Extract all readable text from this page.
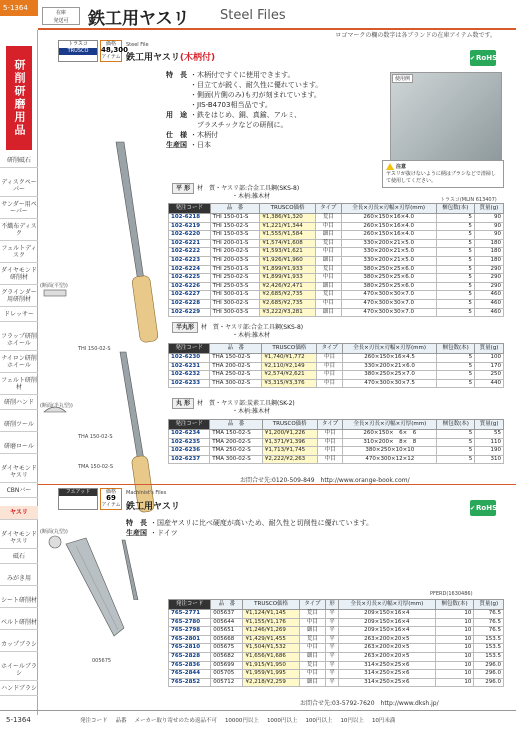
5-1364
在庫
発送可	鉄工用ヤスリ Steel Files
ロゴマークの欄の数字は各ブランドの在庫アイテム数です。
研削研磨用品
研削砥石
ディスクペーパー
サンダー用ペーパー
不織布ディスク
フェルトディスク
ダイヤモンド研削材
グラインダー用研削材
ドレッサー
フラップ研削ホイール
ナイロン研削ホイール
フェルト研削材
研削ハンド
研削ツール
研磨ロール
ダイヤモンドヤスリ
CBNバー
ヤスリ
ダイヤモンドヤスリ
砥石
みがき用
シート研削材
ベルト研削材
カップブラシ
ホイールブラシ
ハンドブラシ
トラスコ
TRUSCO
価格
48,300
アイテム
Steel File
鉄工用ヤスリ(木柄付)	✔ RoHS
特　長 ・木柄付ですぐに使用できます。
・目立てが鋭く、耐久性に優れています。
・側面(片側のみ)も刃が刻まれています。
・JIS-B4703相当品です。
用　途 ・鉄をはじめ、銅、真鍮、アルミ、
　プラスチックなどの研削に。
仕　様 ・木柄付
生産国 ・日本
使用例
注意
ヤスリが抜けないように柄はブラシなどで清掃して使用してください。
(断面(平型))
THI 150-02-S
(断面(半丸型))
THA 150-02-S
(断面(丸型))
TMA 150-02-S
平 形 材　質・ヤスリ部:合金工具鋼(SKS-8)
・木柄:雑木材	トラスコ(MLIN 613407)
発注コード	品　番	TRUSCO価格	タイプ	全長×刃長×刃幅×刃厚(mm)	梱包数(本)	質量(g)
102-6218	THI 150-01-S	¥1,386/¥1,320	荒目	260×150×16×4.0	5	90
102-6219	THI 150-02-S	¥1,221/¥1,344	中目	260×150×16×4.0	5	90
102-6220	THI 150-03-S	¥1,555/¥1,584	細目	260×150×16×4.0	5	90
102-6221	THI 200-01-S	¥1,574/¥1,608	荒目	330×200×21×5.0	5	180
102-6222	THI 200-02-S	¥1,593/¥1,621	中目	330×200×21×5.0	5	180
102-6223	THI 200-03-S	¥1,926/¥1,960	細目	330×200×21×5.0	5	180
102-6224	THI 250-01-S	¥1,899/¥1,933	荒目	380×250×25×6.0	5	290
102-6225	THI 250-02-S	¥1,899/¥1,933	中目	380×250×25×6.0	5	290
102-6226	THI 250-03-S	¥2,426/¥2,471	細目	380×250×25×6.0	5	290
102-6227	THI 300-01-S	¥2,685/¥2,735	荒目	470×300×30×7.0	5	460
102-6228	THI 300-02-S	¥2,685/¥2,735	中目	470×300×30×7.0	5	460
102-6229	THI 300-03-S	¥3,222/¥3,281	細目	470×300×30×7.0	5	460
半丸形 材　質・ヤスリ部:合金工具鋼(SKS-8)
・木柄:雑木材
発注コード	品　番	TRUSCO価格	タイプ	全長×刃長×刃幅×刃厚(mm)	梱包数(本)	質量(g)
102-6230	THA 150-02-S	¥1,740/¥1,772	中目	260×150×16×4.5	5	100
102-6231	THA 200-02-S	¥2,110/¥2,149	中目	330×200×21×6.0	5	170
102-6232	THA 250-02-S	¥2,574/¥2,621	中目	380×250×25×7.0	5	250
102-6233	THA 300-02-S	¥3,315/¥3,376	中目	470×300×30×7.5	5	440
丸 形 材　質・ヤスリ部:炭素工具鋼(SK-2)
・木柄:雑木材
発注コード	品　番	TRUSCO価格	タイプ	全長×刃長×刃幅×刃厚(mm)	梱包数(本)	質量(g)
102-6234	TMA 150-02-S	¥1,200/¥1,226	中目	260×150×　6×　6	5	55
102-6235	TMA 200-02-S	¥1,371/¥1,396	中目	310×200×　8×　8	5	110
102-6236	TMA 250-02-S	¥1,713/¥1,745	中目	380×250×10×10	5	190
102-6237	TMA 300-02-S	¥2,222/¥2,263	中目	470×300×12×12	5	310
お問合せ先:0120-509-849　http://www.orange-book.com/
フエアッド	価格
69
アイテム
Machinist's Files
鉄工用ヤスリ	✔ RoHS
特　長 ・国産ヤスリに比べ硬度が高いため、耐久性と切削性に優れています。
生産国 ・ドイツ
005675
PFERD(1630486)
発注コード	品　番	TRUSCO価格	タイプ	形	全長×刃長×刃幅×刃厚(mm)	梱包数(本)	質量(g)
765-2771	005637	¥1,124/¥1,145	荒目	平	209×150×16×4	10	76.5
765-2780	005644	¥1,155/¥1,176	中目	平	209×150×16×4	10	76.5
765-2798	005651	¥1,246/¥1,269	細目	平	209×150×16×4	10	76.5
765-2801	005668	¥1,429/¥1,455	荒目	平	263×200×20×5	10	153.5
765-2810	005675	¥1,504/¥1,532	中目	平	263×200×20×5	10	153.5
765-2828	005682	¥1,656/¥1,686	細目	平	263×200×20×5	10	153.5
765-2836	005699	¥1,915/¥1,950	荒目	平	314×250×25×6	10	296.0
765-2844	005705	¥1,959/¥1,995	中目	平	314×250×25×6	10	296.0
765-2852	005712	¥2,218/¥2,259	細目	平	314×250×25×6	10	296.0
お問合せ先:03-5792-7620　http://www.dksh.jp/
5-1364	発注コード 品番 メーカー取り寄せのため返品不可 10000円以上 1000円以上 100円以上 10円以上 10円未満
